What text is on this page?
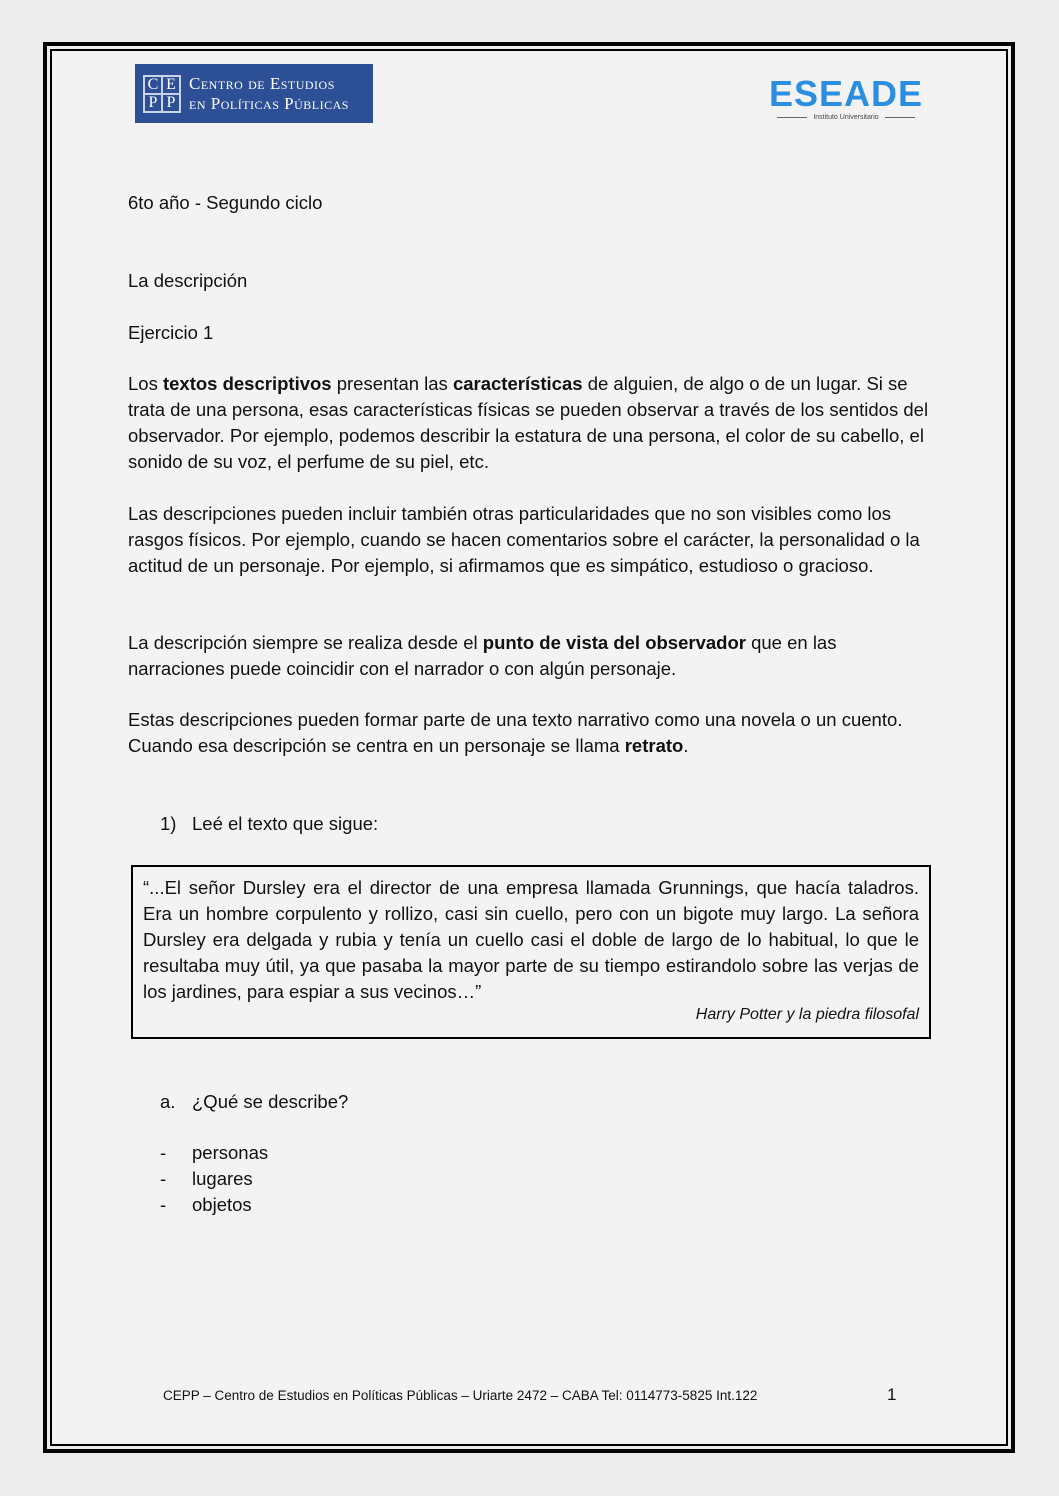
C E
P P
Centro de Estudios
en Políticas Públicas	ESEADE
Instituto Universitario
6to año - Segundo ciclo
La descripción
Ejercicio 1
Los textos descriptivos presentan las características de alguien, de algo o de un lugar. Si se trata de una persona, esas características físicas se pueden observar a través de los sentidos del observador. Por ejemplo, podemos describir la estatura de una persona, el color de su cabello, el sonido de su voz, el perfume de su piel, etc.
Las descripciones pueden incluir también otras particularidades que no son visibles como los rasgos físicos. Por ejemplo, cuando se hacen comentarios sobre el carácter, la personalidad o la actitud de un personaje. Por ejemplo, si afirmamos que es simpático, estudioso o gracioso.
La descripción siempre se realiza desde el punto de vista del observador que en las narraciones puede coincidir con el narrador o con algún personaje.
Estas descripciones pueden formar parte de una texto narrativo como una novela o un cuento. Cuando esa descripción se centra en un personaje se llama retrato.
1) Leé el texto que sigue:
“...El señor Dursley era el director de una empresa llamada Grunnings, que hacía taladros. Era un hombre corpulento y rollizo, casi sin cuello, pero con un bigote muy largo. La señora Dursley era delgada y rubia y tenía un cuello casi el doble de largo de lo habitual, lo que le resultaba muy útil, ya que pasaba la mayor parte de su tiempo estirandolo sobre las verjas de los jardines, para espiar a sus vecinos…”
Harry Potter y la piedra filosofal
a. ¿Qué se describe?
- personas
- lugares
- objetos
CEPP – Centro de Estudios en Políticas Públicas – Uriarte 2472 – CABA Tel: 0114773-5825 Int.122	1
